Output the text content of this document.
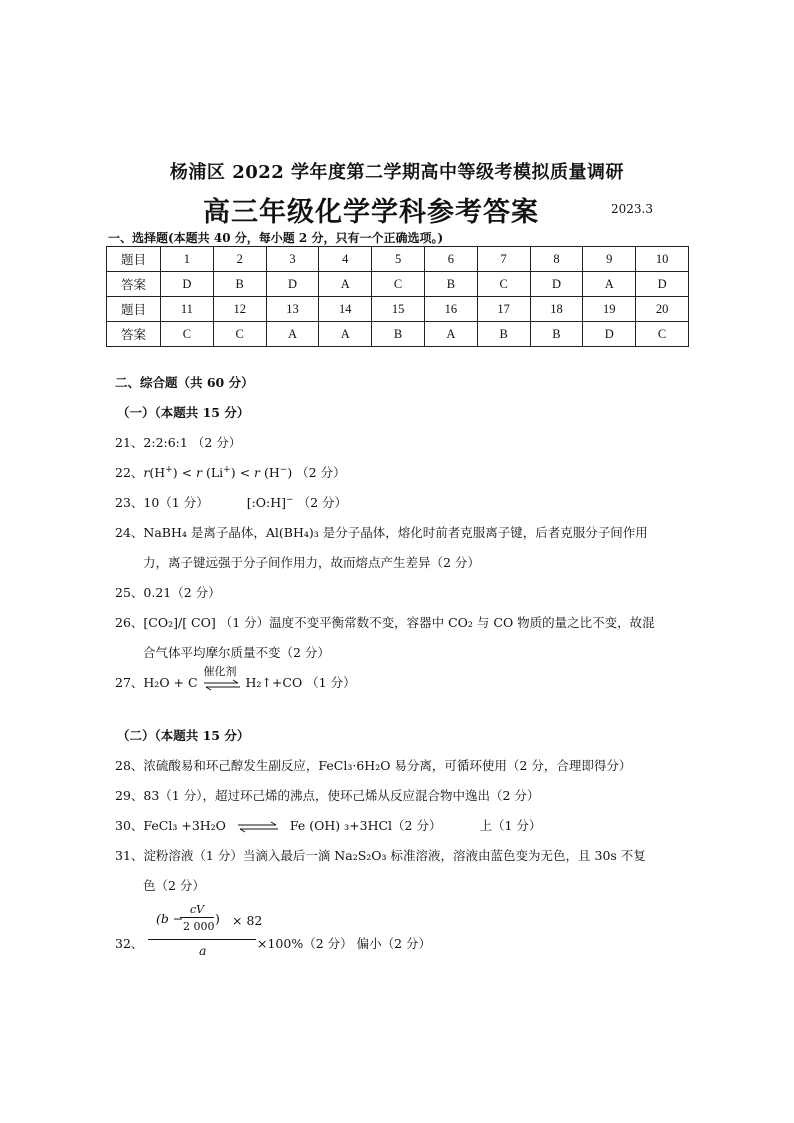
杨浦区 2022 学年度第二学期高中等级考模拟质量调研
高三年级化学学科参考答案	2023.3
一、选择题(本题共 40 分，每小题 2 分，只有一个正确选项。)
题目	1	2	3	4	5	6	7	8	9	10
答案	D	B	D	A	C	B	C	D	A	D
题目	11	12	13	14	15	16	17	18	19	20
答案	C	C	A	A	B	A	B	B	D	C
二、综合题（共 60 分）
（一）（本题共 15 分）
21、2:2:6:1 （2 分）
22、r(H+) < r (Li+) < r (H−) （2 分）
23、10（1 分）	[:O:H]− （2 分）
24、NaBH₄ 是离子晶体，Al(BH₄)₃ 是分子晶体，熔化时前者克服离子键，后者克服分子间作用
力，离子键远强于分子间作用力，故而熔点产生差异（2 分）
25、0.21（2 分）
26、[CO₂]/[ CO] （1 分）温度不变平衡常数不变，容器中 CO₂ 与 CO 物质的量之比不变，故混
合气体平均摩尔质量不变（2 分）
27、H₂O + C
催化剂
H₂↑+CO （1 分）
（二）（本题共 15 分）
28、浓硫酸易和环己醇发生副反应，FeCl₃·6H₂O 易分离，可循环使用（2 分，合理即得分）
29、83（1 分），超过环己烯的沸点，使环己烯从反应混合物中逸出（2 分）
30、FeCl₃ +3H₂O ⇌ Fe (OH) ₃+3HCl（2 分）	上（1 分）
31、淀粉溶液（1 分）当滴入最后一滴 Na₂S₂O₃ 标准溶液，溶液由蓝色变为无色，且 30s 不复
色（2 分）
32、
(b −
cV
2 000
) × 82
a	×100%（2 分） 偏小（2 分）
